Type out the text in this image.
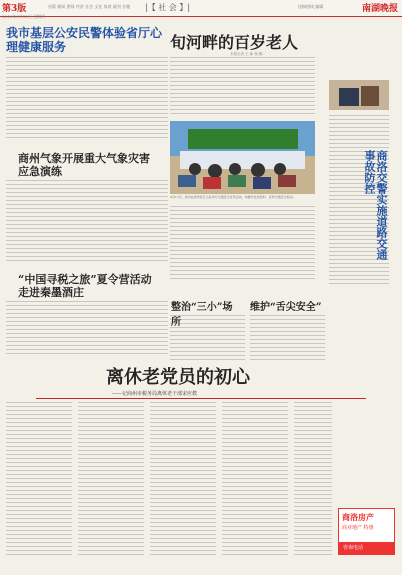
第3版	首版 新闻 要闻 经济 社会 文化 体育 副刊 专题 |【 社 会 】|	投稿热线 编辑	南湖晚报
2016年5月12日 星期四
我市基层公安民警体验省厅心理健康服务
商州气象开展重大气象灾害应急演练
“中国寻税之旅”夏令营活动走进秦墨酒庄
旬河畔的百岁老人
本报记者 王 新 杨 鹏
4月12日，我市在商州区红山区举行交通安全宣传活动，向群众发放资料、宣传交通安全知识。	商洛交警实施道路交通事故防控
整治“三小”场所
维护“舌尖安全”
离休老党员的初心
——记商州市税务局离休老干部宋应教
商洛房产
商业地产 特惠
咨询电话
